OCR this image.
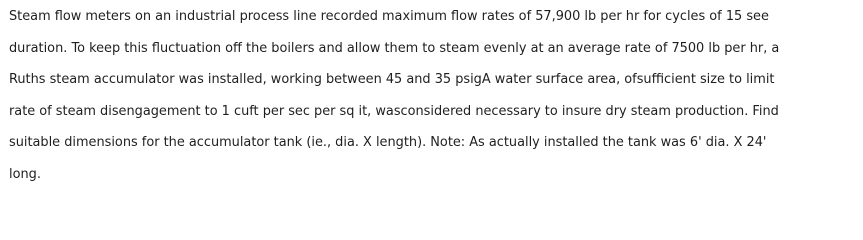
Steam flow meters on an industrial process line recorded maximum flow rates of 57,900 lb per hr for cycles of 15 see
duration. To keep this fluctuation off the boilers and allow them to steam evenly at an average rate of 7500 lb per hr, a
Ruths steam accumulator was installed, working between 45 and 35 psigA water surface area, ofsufficient size to limit
rate of steam disengagement to 1 cuft per sec per sq it, wasconsidered necessary to insure dry steam production. Find
suitable dimensions for the accumulator tank (ie., dia. X length). Note: As actually installed the tank was 6' dia. X 24'
long.
